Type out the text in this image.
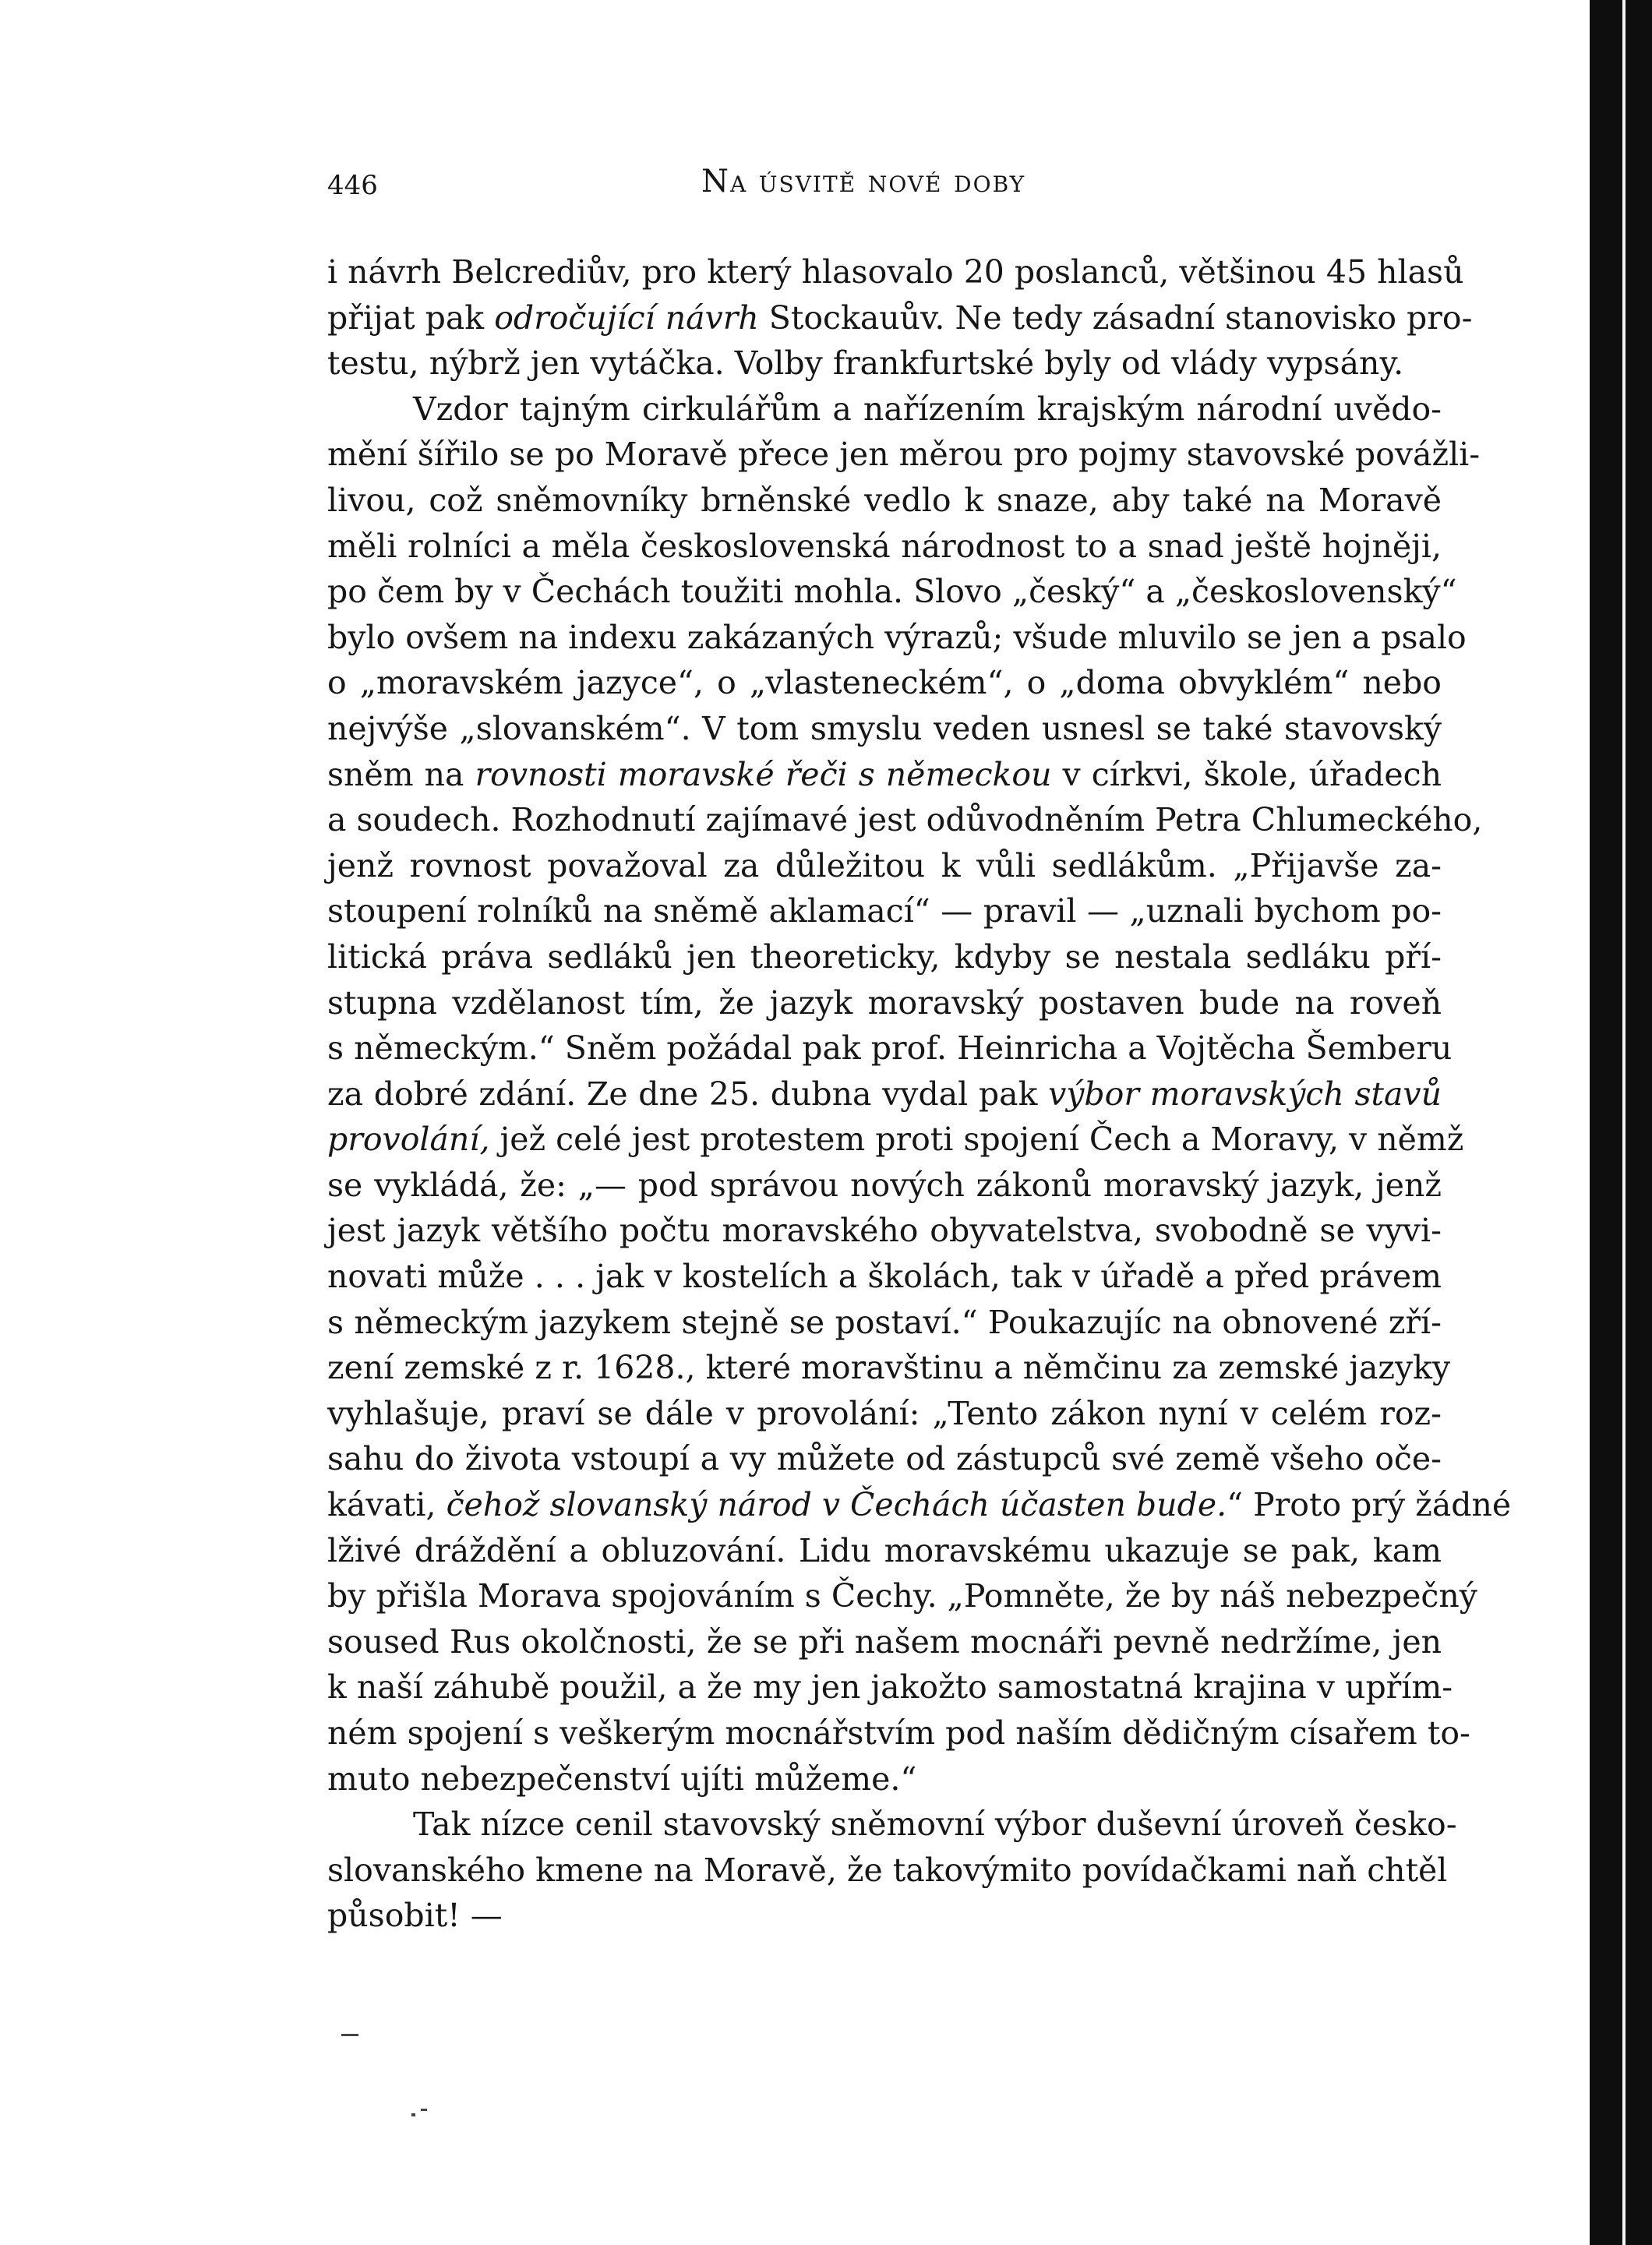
446	Na úsvitě nové doby
i návrh Belcrediův, pro který hlasovalo 20 poslanců, většinou 45 hlasů
přijat pak odročující návrh Stockauův. Ne tedy zásadní stanovisko pro-
testu, nýbrž jen vytáčka. Volby frankfurtské byly od vlády vypsány.
Vzdor tajným cirkulářům a nařízením krajským národní uvědo-
mění šířilo se po Moravě přece jen měrou pro pojmy stavovské povážli-
livou, což sněmovníky brněnské vedlo k snaze, aby také na Moravě
měli rolníci a měla československá národnost to a snad ještě hojněji,
po čem by v Čechách toužiti mohla. Slovo „český“ a „československý“
bylo ovšem na indexu zakázaných výrazů; všude mluvilo se jen a psalo
o „moravském jazyce“, o „vlasteneckém“, o „doma obvyklém“ nebo
nejvýše „slovanském“. V tom smyslu veden usnesl se také stavovský
sněm na rovnosti moravské řeči s německou v církvi, škole, úřadech
a soudech. Rozhodnutí zajímavé jest odůvodněním Petra Chlumeckého,
jenž rovnost považoval za důležitou k vůli sedlákům. „Přijavše za-
stoupení rolníků na sněmě aklamací“ — pravil — „uznali bychom po-
litická práva sedláků jen theoreticky, kdyby se nestala sedláku pří-
stupna vzdělanost tím, že jazyk moravský postaven bude na roveň
s německým.“ Sněm požádal pak prof. Heinricha a Vojtěcha Šemberu
za dobré zdání. Ze dne 25. dubna vydal pak výbor moravských stavů
provolání, jež celé jest protestem proti spojení Čech a Moravy, v němž
se vykládá, že: „— pod správou nových zákonů moravský jazyk, jenž
jest jazyk většího počtu moravského obyvatelstva, svobodně se vyvi-
novati může . . . jak v kostelích a školách, tak v úřadě a před právem
s německým jazykem stejně se postaví.“ Poukazujíc na obnovené zří-
zení zemské z r. 1628., které moravštinu a němčinu za zemské jazyky
vyhlašuje, praví se dále v provolání: „Tento zákon nyní v celém roz-
sahu do života vstoupí a vy můžete od zástupců své země všeho oče-
kávati, čehož slovanský národ v Čechách účasten bude.“ Proto prý žádné
lživé dráždění a obluzování. Lidu moravskému ukazuje se pak, kam
by přišla Morava spojováním s Čechy. „Pomněte, že by náš nebezpečný
soused Rus okolčnosti, že se při našem mocnáři pevně nedržíme, jen
k naší záhubě použil, a že my jen jakožto samostatná krajina v upřím-
ném spojení s veškerým mocnářstvím pod naším dědičným císařem to-
muto nebezpečenství ujíti můžeme.“
Tak nízce cenil stavovský sněmovní výbor duševní úroveň česko-
slovanského kmene na Moravě, že takovýmito povídačkami naň chtěl
působit! —
